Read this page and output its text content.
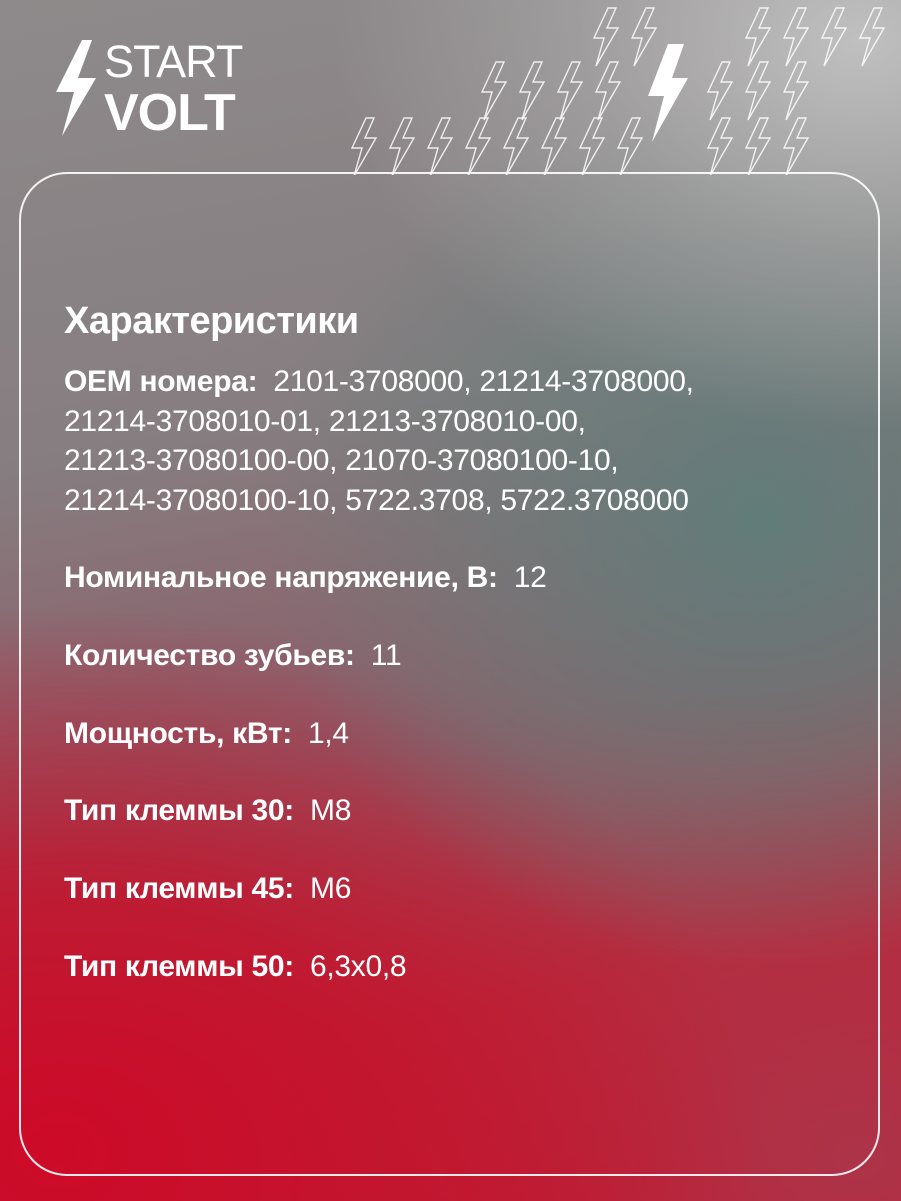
START
VOLT
Характеристики
OEM номера: 2101-3708000, 21214-3708000,
21214-3708010-01, 21213-3708010-00,
21213-37080100-00, 21070-37080100-10,
21214-37080100-10, 5722.3708, 5722.3708000
Номинальное напряжение, В: 12
Количество зубьев: 11
Мощность, кВт: 1,4
Тип клеммы 30: М8
Тип клеммы 45: М6
Тип клеммы 50: 6,3х0,8
